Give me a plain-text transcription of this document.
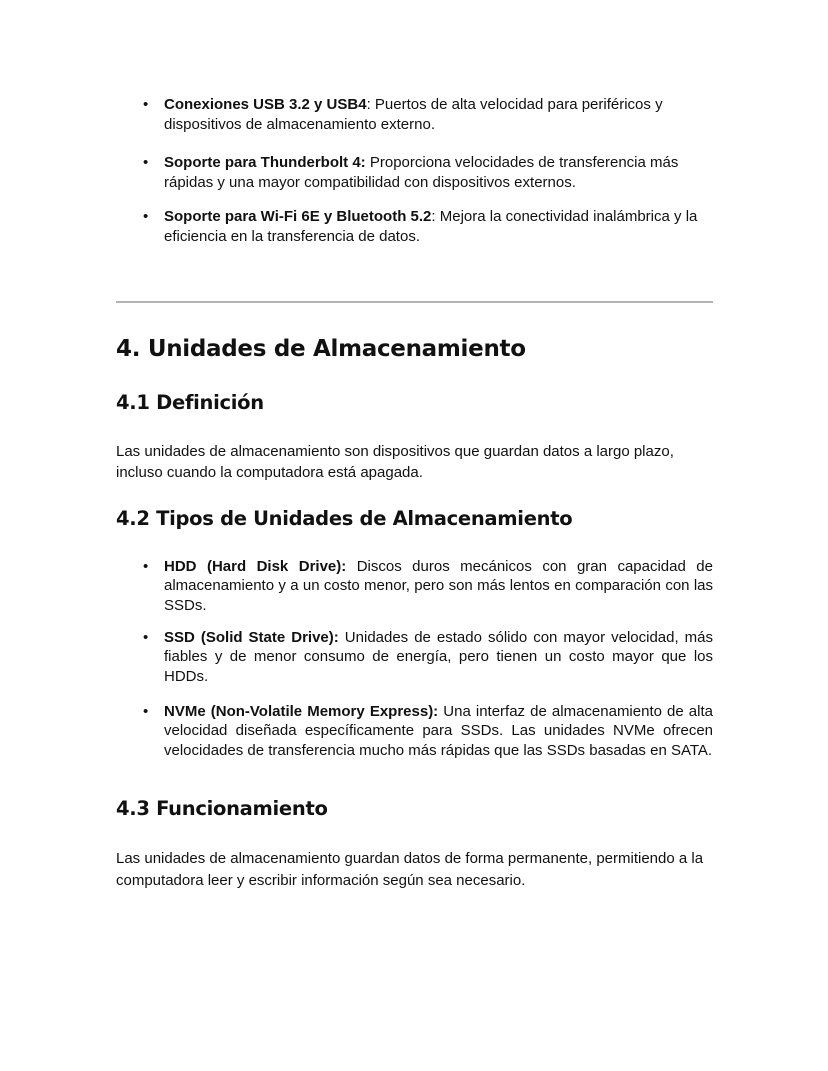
• Conexiones USB 3.2 y USB4: Puertos de alta velocidad para periféricos y dispositivos de almacenamiento externo.
• Soporte para Thunderbolt 4: Proporciona velocidades de transferencia más rápidas y una mayor compatibilidad con dispositivos externos.
• Soporte para Wi-Fi 6E y Bluetooth 5.2: Mejora la conectividad inalámbrica y la eficiencia en la transferencia de datos.
4. Unidades de Almacenamiento
4.1 Definición
Las unidades de almacenamiento son dispositivos que guardan datos a largo plazo, incluso cuando la computadora está apagada.
4.2 Tipos de Unidades de Almacenamiento
• HDD (Hard Disk Drive): Discos duros mecánicos con gran capacidad de almacenamiento y a un costo menor, pero son más lentos en comparación con las SSDs.
• SSD (Solid State Drive): Unidades de estado sólido con mayor velocidad, más fiables y de menor consumo de energía, pero tienen un costo mayor que los HDDs.
• NVMe (Non-Volatile Memory Express): Una interfaz de almacenamiento de alta velocidad diseñada específicamente para SSDs. Las unidades NVMe ofrecen velocidades de transferencia mucho más rápidas que las SSDs basadas en SATA.
4.3 Funcionamiento
Las unidades de almacenamiento guardan datos de forma permanente, permitiendo a la computadora leer y escribir información según sea necesario.
